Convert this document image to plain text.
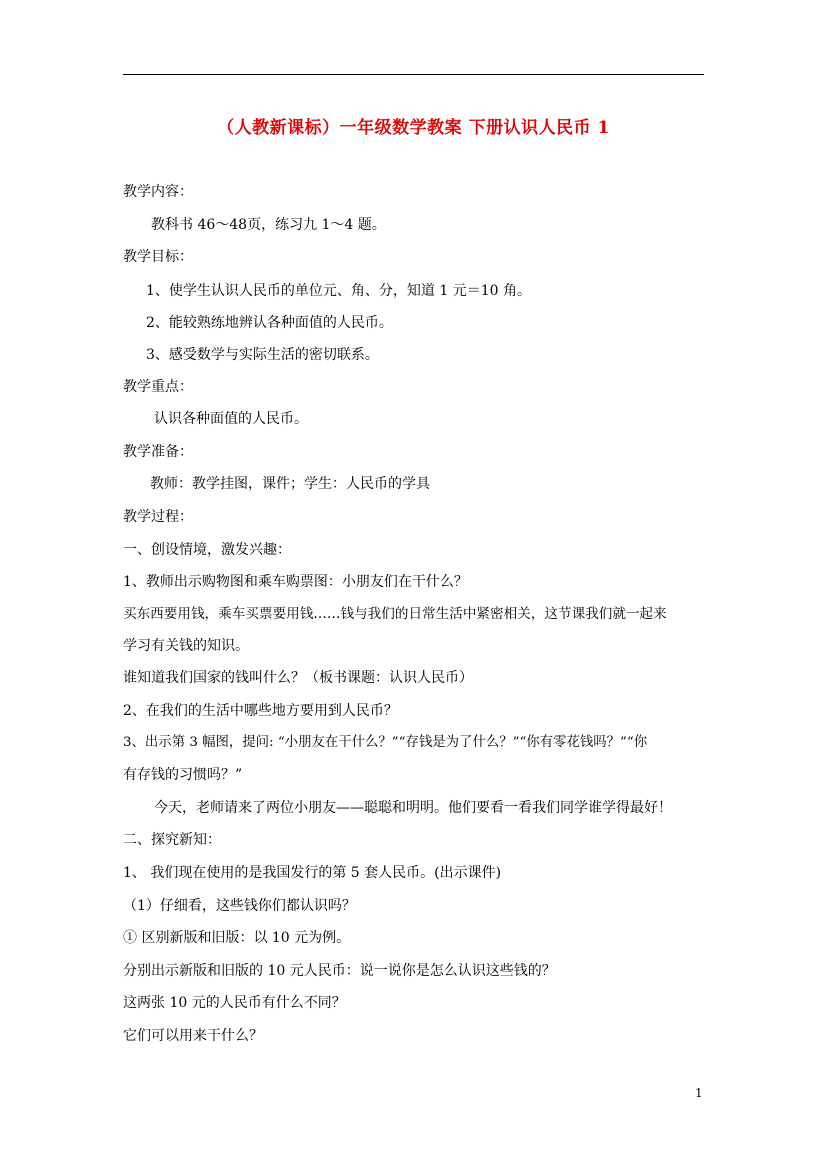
（人教新课标）一年级数学教案 下册认识人民币 1
教学内容：
教科书 46～48页，练习九 1～4 题。
教学目标：
1、使学生认识人民币的单位元、角、分，知道 1 元＝10 角。
2、能较熟练地辨认各种面值的人民币。
3、感受数学与实际生活的密切联系。
教学重点：
认识各种面值的人民币。
教学准备：
教师：教学挂图，课件；学生：人民币的学具
教学过程：
一、创设情境，激发兴趣：
1、教师出示购物图和乘车购票图：小朋友们在干什么？
买东西要用钱，乘车买票要用钱……钱与我们的日常生活中紧密相关，这节课我们就一起来
学习有关钱的知识。
谁知道我们国家的钱叫什么？（板书课题：认识人民币）
2、在我们的生活中哪些地方要用到人民币？
3、出示第 3 幅图，提问: “小朋友在干什么？”“存钱是为了什么？”“你有零花钱吗？”“你
有存钱的习惯吗？”
今天，老师请来了两位小朋友——聪聪和明明。他们要看一看我们同学谁学得最好！
二、探究新知：
1、 我们现在使用的是我国发行的第 5 套人民币。(出示课件)
（1）仔细看，这些钱你们都认识吗？
① 区别新版和旧版：以 10 元为例。
分别出示新版和旧版的 10 元人民币：说一说你是怎么认识这些钱的？
这两张 10 元的人民币有什么不同？
它们可以用来干什么？
1
